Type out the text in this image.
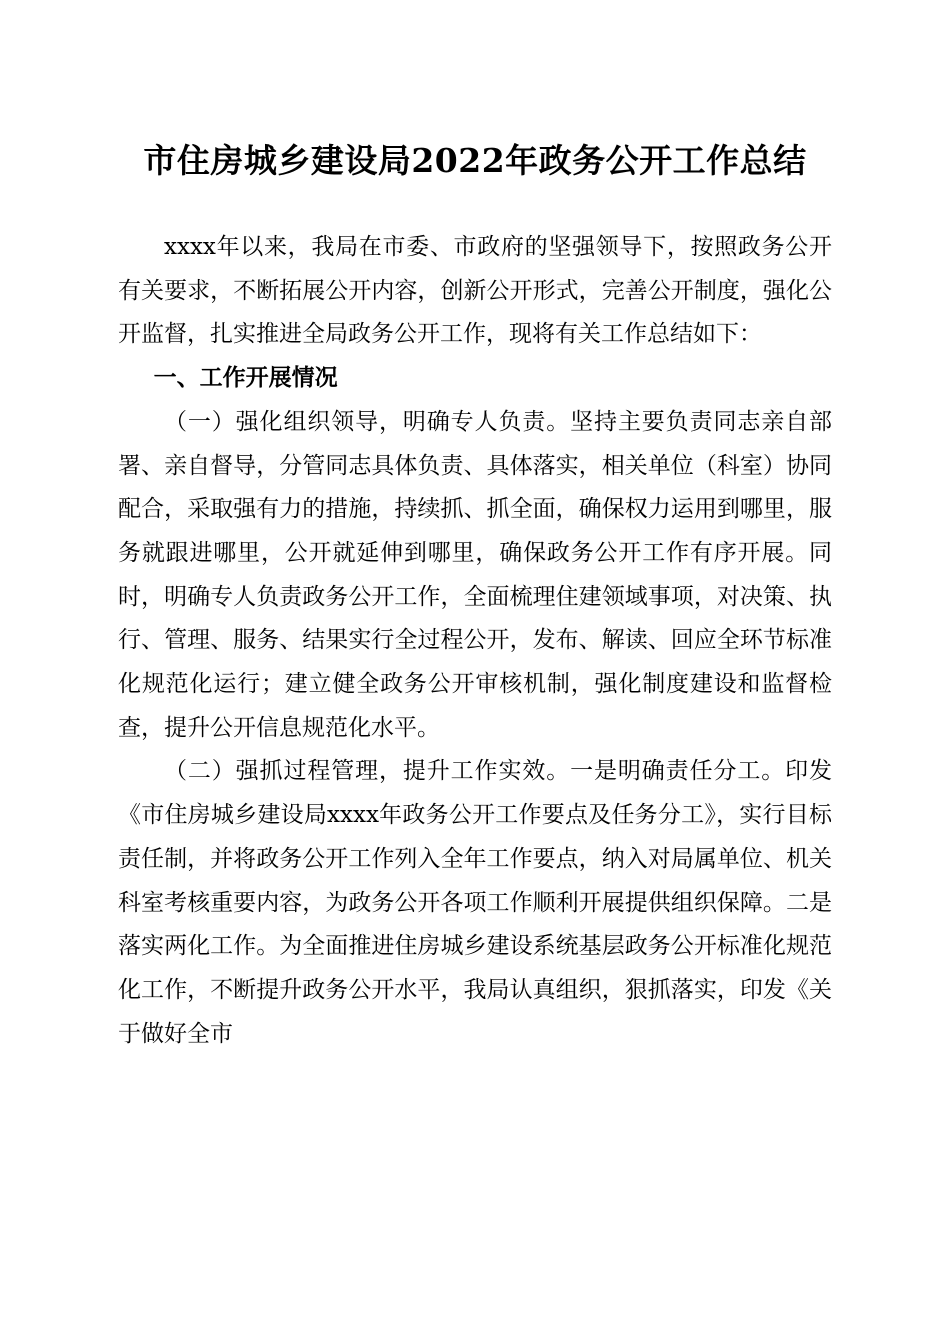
市住房城乡建设局2022年政务公开工作总结

xxxx年以来，我局在市委、市政府的坚强领导下，按照政务公开有关要求，不断拓展公开内容，创新公开形式，完善公开制度，强化公开监督，扎实推进全局政务公开工作，现将有关工作总结如下：

一、工作开展情况

（一）强化组织领导，明确专人负责。坚持主要负责同志亲自部署、亲自督导，分管同志具体负责、具体落实，相关单位（科室）协同配合，采取强有力的措施，持续抓、抓全面，确保权力运用到哪里，服务就跟进哪里，公开就延伸到哪里，确保政务公开工作有序开展。同时，明确专人负责政务公开工作，全面梳理住建领域事项，对决策、执行、管理、服务、结果实行全过程公开，发布、解读、回应全环节标准化规范化运行；建立健全政务公开审核机制，强化制度建设和监督检查，提升公开信息规范化水平。

（二）强抓过程管理，提升工作实效。一是明确责任分工。印发《市住房城乡建设局xxxx年政务公开工作要点及任务分工》，实行目标责任制，并将政务公开工作列入全年工作要点，纳入对局属单位、机关科室考核重要内容，为政务公开各项工作顺利开展提供组织保障。二是落实两化工作。为全面推进住房城乡建设系统基层政务公开标准化规范化工作，不断提升政务公开水平，我局认真组织，狠抓落实，印发《关于做好全市
